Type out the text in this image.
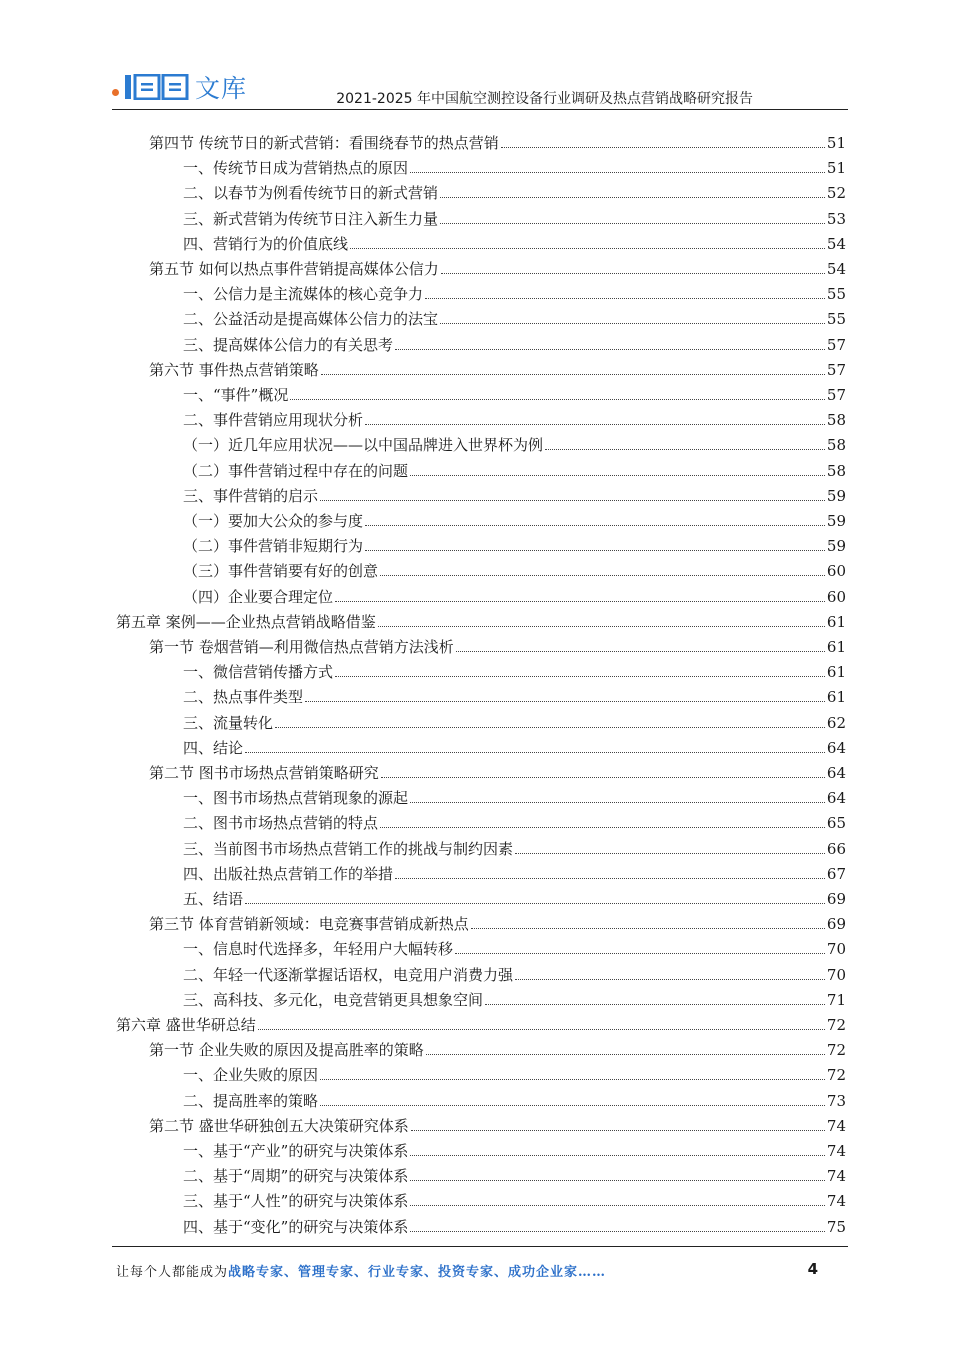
文库	2021-2025 年中国航空测控设备行业调研及热点营销战略研究报告
第四节 传统节日的新式营销：看围绕春节的热点营销	51
一、传统节日成为营销热点的原因	51
二、以春节为例看传统节日的新式营销	52
三、新式营销为传统节日注入新生力量	53
四、营销行为的价值底线	54
第五节 如何以热点事件营销提高媒体公信力	54
一、公信力是主流媒体的核心竞争力	55
二、公益活动是提高媒体公信力的法宝	55
三、提高媒体公信力的有关思考	57
第六节 事件热点营销策略	57
一、“事件”概况	57
二、事件营销应用现状分析	58
（一）近几年应用状况——以中国品牌进入世界杯为例	58
（二）事件营销过程中存在的问题	58
三、事件营销的启示	59
（一）要加大公众的参与度	59
（二）事件营销非短期行为	59
（三）事件营销要有好的创意	60
（四）企业要合理定位	60
第五章 案例——企业热点营销战略借鉴	61
第一节 卷烟营销—利用微信热点营销方法浅析	61
一、微信营销传播方式	61
二、热点事件类型	61
三、流量转化	62
四、结论	64
第二节 图书市场热点营销策略研究	64
一、图书市场热点营销现象的源起	64
二、图书市场热点营销的特点	65
三、当前图书市场热点营销工作的挑战与制约因素	66
四、出版社热点营销工作的举措	67
五、结语	69
第三节 体育营销新领域：电竞赛事营销成新热点	69
一、信息时代选择多，年轻用户大幅转移	70
二、年轻一代逐渐掌握话语权，电竞用户消费力强	70
三、高科技、多元化，电竞营销更具想象空间	71
第六章 盛世华研总结	72
第一节 企业失败的原因及提高胜率的策略	72
一、企业失败的原因	72
二、提高胜率的策略	73
第二节 盛世华研独创五大决策研究体系	74
一、基于“产业”的研究与决策体系	74
二、基于“周期”的研究与决策体系	74
三、基于“人性”的研究与决策体系	74
四、基于“变化”的研究与决策体系	75
让每个人都能成为战略专家、管理专家、行业专家、投资专家、成功企业家……	4
